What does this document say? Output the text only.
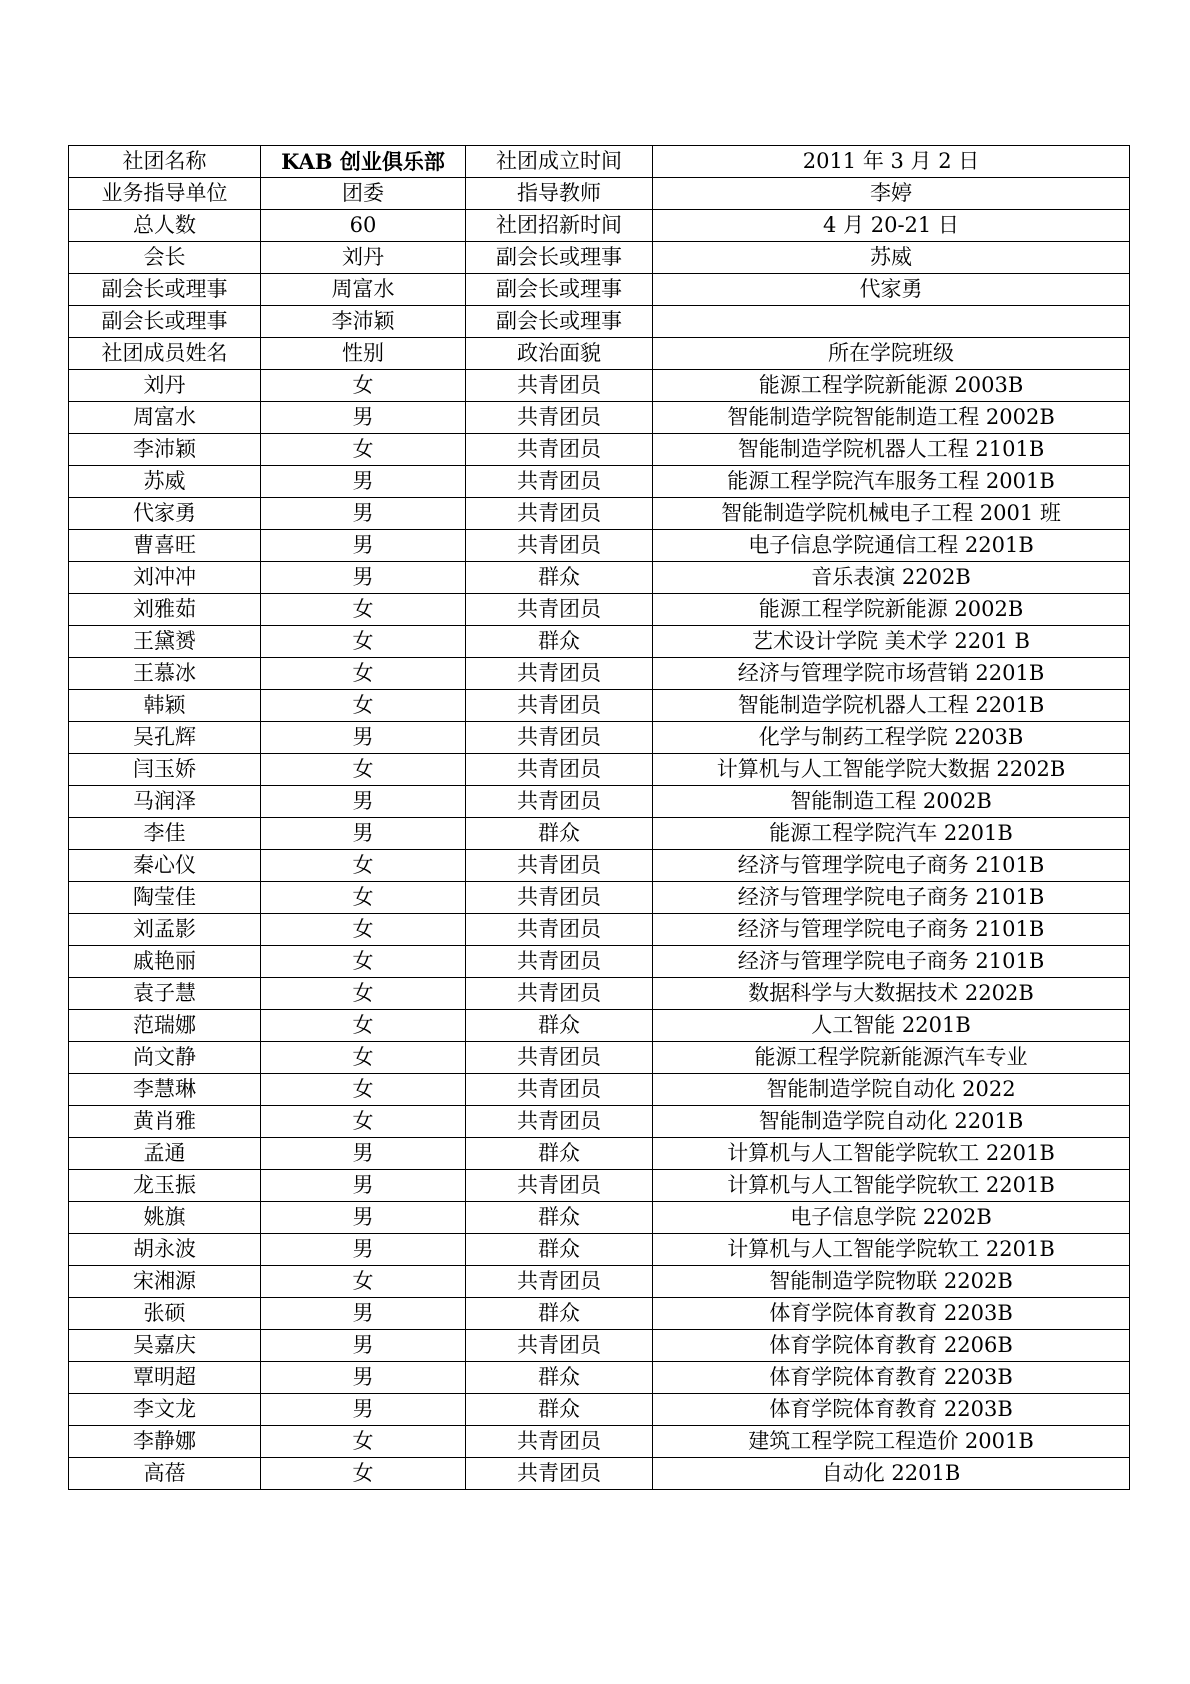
社团名称	KAB 创业俱乐部	社团成立时间	2011 年 3 月 2 日
业务指导单位	团委	指导教师	李婷
总人数	60	社团招新时间	4 月 20-21 日
会长	刘丹	副会长或理事	苏威
副会长或理事	周富水	副会长或理事	代家勇
副会长或理事	李沛颖	副会长或理事	
社团成员姓名	性别	政治面貌	所在学院班级
刘丹	女	共青团员	能源工程学院新能源 2003B
周富水	男	共青团员	智能制造学院智能制造工程 2002B
李沛颖	女	共青团员	智能制造学院机器人工程 2101B
苏威	男	共青团员	能源工程学院汽车服务工程 2001B
代家勇	男	共青团员	智能制造学院机械电子工程 2001 班
曹喜旺	男	共青团员	电子信息学院通信工程 2201B
刘冲冲	男	群众	音乐表演 2202B
刘雅茹	女	共青团员	能源工程学院新能源 2002B
王黛赟	女	群众	艺术设计学院 美术学 2201 B
王慕冰	女	共青团员	经济与管理学院市场营销 2201B
韩颖	女	共青团员	智能制造学院机器人工程 2201B
吴孔辉	男	共青团员	化学与制药工程学院 2203B
闫玉娇	女	共青团员	计算机与人工智能学院大数据 2202B
马润泽	男	共青团员	智能制造工程 2002B
李佳	男	群众	能源工程学院汽车 2201B
秦心仪	女	共青团员	经济与管理学院电子商务 2101B
陶莹佳	女	共青团员	经济与管理学院电子商务 2101B
刘孟影	女	共青团员	经济与管理学院电子商务 2101B
戚艳丽	女	共青团员	经济与管理学院电子商务 2101B
袁子慧	女	共青团员	数据科学与大数据技术 2202B
范瑞娜	女	群众	人工智能 2201B
尚文静	女	共青团员	能源工程学院新能源汽车专业
李慧琳	女	共青团员	智能制造学院自动化 2022
黄肖雅	女	共青团员	智能制造学院自动化 2201B
孟通	男	群众	计算机与人工智能学院软工 2201B
龙玉振	男	共青团员	计算机与人工智能学院软工 2201B
姚旗	男	群众	电子信息学院 2202B
胡永波	男	群众	计算机与人工智能学院软工 2201B
宋湘源	女	共青团员	智能制造学院物联 2202B
张硕	男	群众	体育学院体育教育 2203B
吴嘉庆	男	共青团员	体育学院体育教育 2206B
覃明超	男	群众	体育学院体育教育 2203B
李文龙	男	群众	体育学院体育教育 2203B
李静娜	女	共青团员	建筑工程学院工程造价 2001B
高蓓	女	共青团员	自动化 2201B
